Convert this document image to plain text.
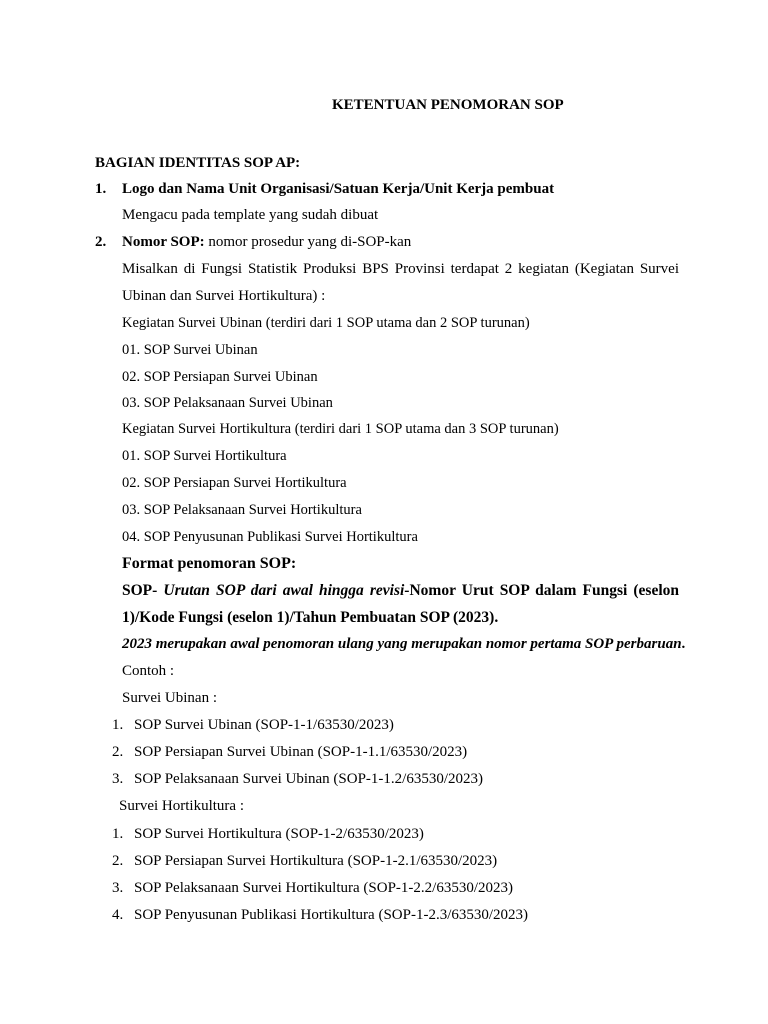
KETENTUAN PENOMORAN SOP
BAGIAN IDENTITAS SOP AP:
1. Logo dan Nama Unit Organisasi/Satuan Kerja/Unit Kerja pembuat
Mengacu pada template yang sudah dibuat
2. Nomor SOP: nomor prosedur yang di-SOP-kan
Misalkan di Fungsi Statistik Produksi BPS Provinsi terdapat 2 kegiatan (Kegiatan Survei
Ubinan dan Survei Hortikultura) :
Kegiatan Survei Ubinan (terdiri dari 1 SOP utama dan 2 SOP turunan)
01. SOP Survei Ubinan
02. SOP Persiapan Survei Ubinan
03. SOP Pelaksanaan Survei Ubinan
Kegiatan Survei Hortikultura (terdiri dari 1 SOP utama dan 3 SOP turunan)
01. SOP Survei Hortikultura
02. SOP Persiapan Survei Hortikultura
03. SOP Pelaksanaan Survei Hortikultura
04. SOP Penyusunan Publikasi Survei Hortikultura
Format penomoran SOP:
SOP- Urutan SOP dari awal hingga revisi-Nomor Urut SOP dalam Fungsi (eselon
1)/Kode Fungsi (eselon 1)/Tahun Pembuatan SOP (2023).
2023 merupakan awal penomoran ulang yang merupakan nomor pertama SOP perbaruan.
Contoh :
Survei Ubinan :
1. SOP Survei Ubinan (SOP-1-1/63530/2023)
2. SOP Persiapan Survei Ubinan (SOP-1-1.1/63530/2023)
3. SOP Pelaksanaan Survei Ubinan (SOP-1-1.2/63530/2023)
Survei Hortikultura :
1. SOP Survei Hortikultura (SOP-1-2/63530/2023)
2. SOP Persiapan Survei Hortikultura (SOP-1-2.1/63530/2023)
3. SOP Pelaksanaan Survei Hortikultura (SOP-1-2.2/63530/2023)
4. SOP Penyusunan Publikasi Hortikultura (SOP-1-2.3/63530/2023)
